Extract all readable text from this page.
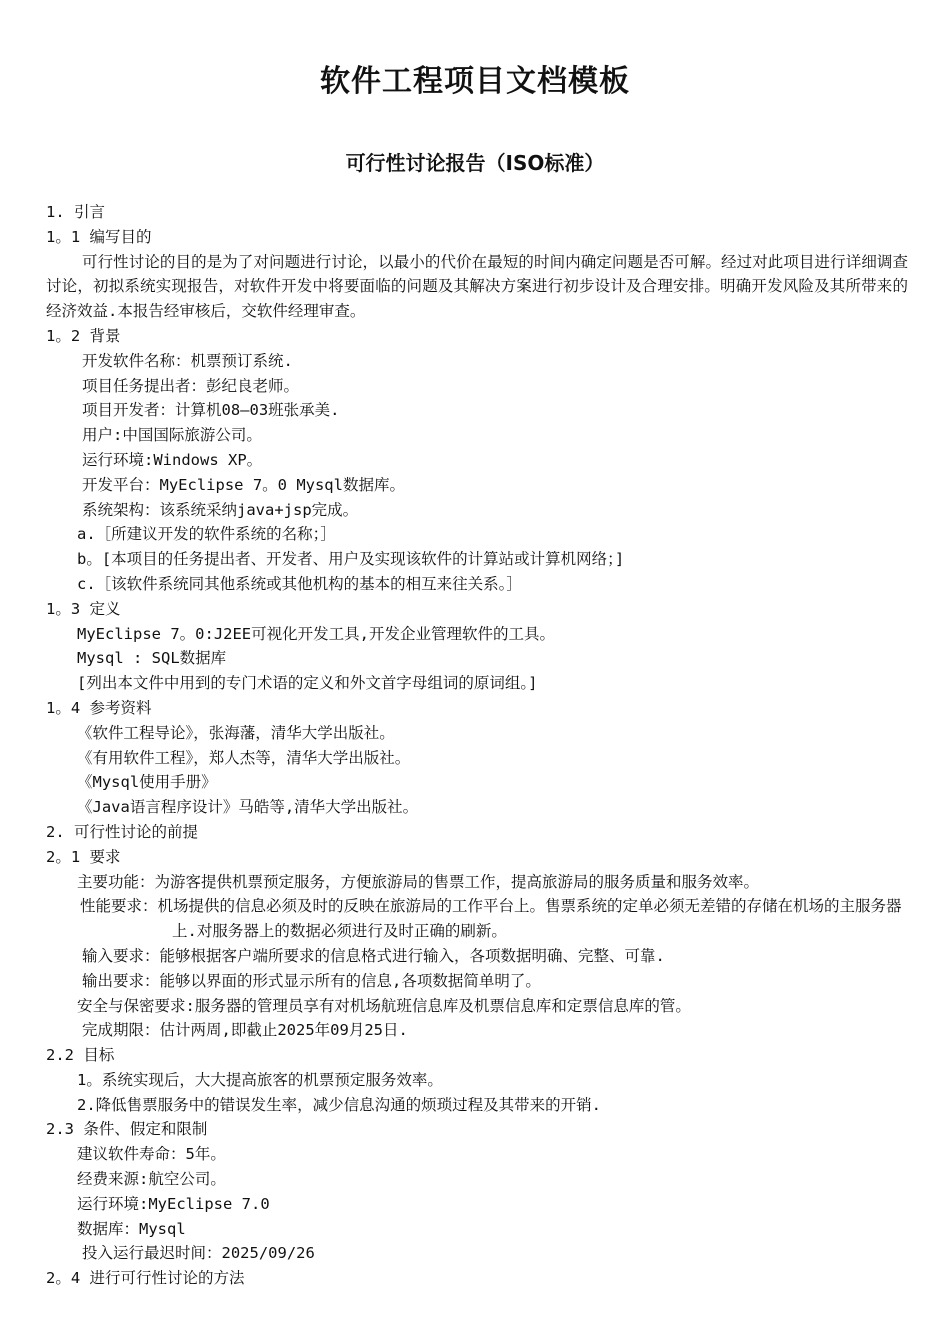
软件工程项目文档模板
可行性讨论报告（ISO标准）
1. 引言
1。1 编写目的

可行性讨论的目的是为了对问题进行讨论，以最小的代价在最短的时间内确定问题是否可解。经过对此项目进行详细调查讨论，初拟系统实现报告，对软件开发中将要面临的问题及其解决方案进行初步设计及合理安排。明确开发风险及其所带来的经济效益.本报告经审核后，交软件经理审查。

1。2 背景
开发软件名称：机票预订系统.
项目任务提出者：彭纪良老师。
项目开发者：计算机08—03班张承美.
用户:中国国际旅游公司。
运行环境:Windows XP。
开发平台：MyEclipse 7。0 Mysql数据库。
系统架构：该系统采纳java+jsp完成。
a.［所建议开发的软件系统的名称；］
b。[本项目的任务提出者、开发者、用户及实现该软件的计算站或计算机网络；]
c.［该软件系统同其他系统或其他机构的基本的相互来往关系。］
1。3 定义
MyEclipse 7。0:J2EE可视化开发工具,开发企业管理软件的工具。
Mysql : SQL数据库
[列出本文件中用到的专门术语的定义和外文首字母组词的原词组。]
1。4 参考资料
《软件工程导论》，张海藩，清华大学出版社。
《有用软件工程》，郑人杰等，清华大学出版社。
《Mysql使用手册》
《Java语言程序设计》马皓等,清华大学出版社。
2. 可行性讨论的前提
2。1 要求
主要功能：为游客提供机票预定服务，方便旅游局的售票工作，提高旅游局的服务质量和服务效率。

性能要求：机场提供的信息必须及时的反映在旅游局的工作平台上。售票系统的定单必须无差错的存储在机场的主服务器上.对服务器上的数据必须进行及时正确的刷新。

输入要求：能够根据客户端所要求的信息格式进行输入，各项数据明确、完整、可靠.
输出要求：能够以界面的形式显示所有的信息,各项数据简单明了。
安全与保密要求:服务器的管理员享有对机场航班信息库及机票信息库和定票信息库的管。
完成期限：估计两周,即截止2025年09月25日.
2.2 目标
1。系统实现后，大大提高旅客的机票预定服务效率。
2.降低售票服务中的错误发生率，减少信息沟通的烦琐过程及其带来的开销.
2.3 条件、假定和限制
建议软件寿命：5年。
经费来源:航空公司。
运行环境:MyEclipse 7.0
数据库：Mysql
投入运行最迟时间：2025/09/26
2。4 进行可行性讨论的方法
